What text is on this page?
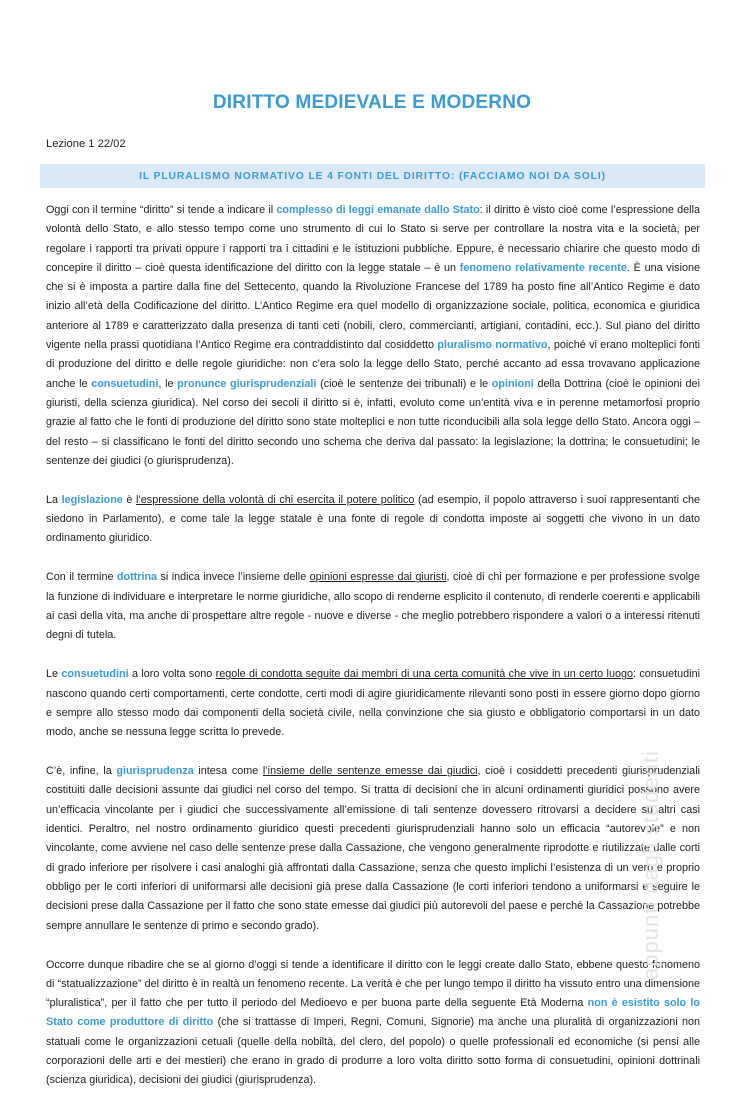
DIRITTO MEDIEVALE E MODERNO
Lezione 1 22/02
IL PLURALISMO NORMATIVO LE 4 FONTI DEL DIRITTO: (FACCIAMO NOI DA SOLI)

Oggi con il termine “diritto” si tende a indicare il complesso di leggi emanate dallo Stato: il diritto è visto cioè come l’espressione della volontà dello Stato, e allo stesso tempo come uno strumento di cui lo Stato si serve per controllare la nostra vita e la società, per regolare i rapporti tra privati oppure i rapporti tra i cittadini e le istituzioni pubbliche. Eppure, è necessario chiarire che questo modo di concepire il diritto – cioè questa identificazione del diritto con la legge statale – è un fenomeno relativamente recente. È una visione che si è imposta a partire dalla fine del Settecento, quando la Rivoluzione Francese del 1789 ha posto fine all’Antico Regime e dato inizio all’età della Codificazione del diritto. L’Antico Regime era quel modello di organizzazione sociale, politica, economica e giuridica anteriore al 1789 e caratterizzato dalla presenza di tanti ceti (nobili, clero, commercianti, artigiani, contadini, ecc.). Sul piano del diritto vigente nella prassi quotidiana l’Antico Regime era contraddistinto dal cosiddetto pluralismo normativo, poiché vi erano molteplici fonti di produzione del diritto e delle regole giuridiche: non c’era solo la legge dello Stato, perché accanto ad essa trovavano applicazione anche le consuetudini, le pronunce giurisprudenziali (cioè le sentenze dei tribunali) e le opinioni della Dottrina (cioè le opinioni dei giuristi, della scienza giuridica). Nel corso dei secoli il diritto si è, infatti, evoluto come un’entità viva e in perenne metamorfosi proprio grazie al fatto che le fonti di produzione del diritto sono state molteplici e non tutte riconducibili alla sola legge dello Stato. Ancora oggi – del resto – si classificano le fonti del diritto secondo uno schema che deriva dal passato: la legislazione; la dottrina; le consuetudini; le sentenze dei giudici (o giurisprudenza).

La legislazione è l’espressione della volontà di chi esercita il potere politico (ad esempio, il popolo attraverso i suoi rappresentanti che siedono in Parlamento), e come tale la legge statale è una fonte di regole di condotta imposte ai soggetti che vivono in un dato ordinamento giuridico.

Con il termine dottrina si indica invece l’insieme delle opinioni espresse dai giuristi, cioè di chi per formazione e per professione svolge la funzione di individuare e interpretare le norme giuridiche, allo scopo di renderne esplicito il contenuto, di renderle coerenti e applicabili ai casi della vita, ma anche di prospettare altre regole - nuove e diverse - che meglio potrebbero rispondere a valori o a interessi ritenuti degni di tutela.

Le consuetudini a loro volta sono regole di condotta seguite dai membri di una certa comunità che vive in un certo luogo: consuetudini nascono quando certi comportamenti, certe condotte, certi modi di agire giuridicamente rilevanti sono posti in essere giorno dopo giorno e sempre allo stesso modo dai componenti della società civile, nella convinzione che sia giusto e obbligatorio comportarsi in un dato modo, anche se nessuna legge scritta lo prevede.

C’è, infine, la giurisprudenza intesa come l’insieme delle sentenze emesse dai giudici, cioè i cosiddetti precedenti giurisprudenziali costituiti dalle decisioni assunte dai giudici nel corso del tempo. Si tratta di decisioni che in alcuni ordinamenti giuridici possono avere un’efficacia vincolante per i giudici che successivamente all’emissione di tali sentenze dovessero ritrovarsi a decidere su altri casi identici. Peraltro, nel nostro ordinamento giuridico questi precedenti giurisprudenziali hanno solo un efficacia “autorevole” e non vincolante, come avviene nel caso delle sentenze prese dalla Cassazione, che vengono generalmente riprodotte e riutilizzate dalle corti di grado inferiore per risolvere i casi analoghi già affrontati dalla Cassazione, senza che questo implichi l’esistenza di un vero e proprio obbligo per le corti inferiori di uniformarsi alle decisioni già prese dalla Cassazione (le corti inferiori tendono a uniformarsi e seguire le decisioni prese dalla Cassazione per il fatto che sono state emesse dai giudici più autorevoli del paese e perché la Cassazione potrebbe sempre annullare le sentenze di primo e secondo grado).

Occorre dunque ribadire che se al giorno d’oggi si tende a identificare il diritto con le leggi create dallo Stato, ebbene questo fenomeno di “statualizzazione” del diritto è in realtà un fenomeno recente. La verità è che per lungo tempo il diritto ha vissuto entro una dimensione “pluralistica”, per il fatto che per tutto il periodo del Medioevo e per buona parte della seguente Età Moderna non è esistito solo lo Stato come produttore di diritto (che si trattasse di Imperi, Regni, Comuni, Signorie) ma anche una pluralità di organizzazioni non statuali come le organizzazioni cetuali (quelle della nobiltà, del clero, del popolo) o quelle professionali ed economiche (si pensi alle corporazioni delle arti e dei mestieri) che erano in grado di produrre a loro volta diritto sotto forma di consuetudini, opinioni dottrinali (scienza giuridica), decisioni dei giudici (giurisprudenza).

appunti dagli studenti
